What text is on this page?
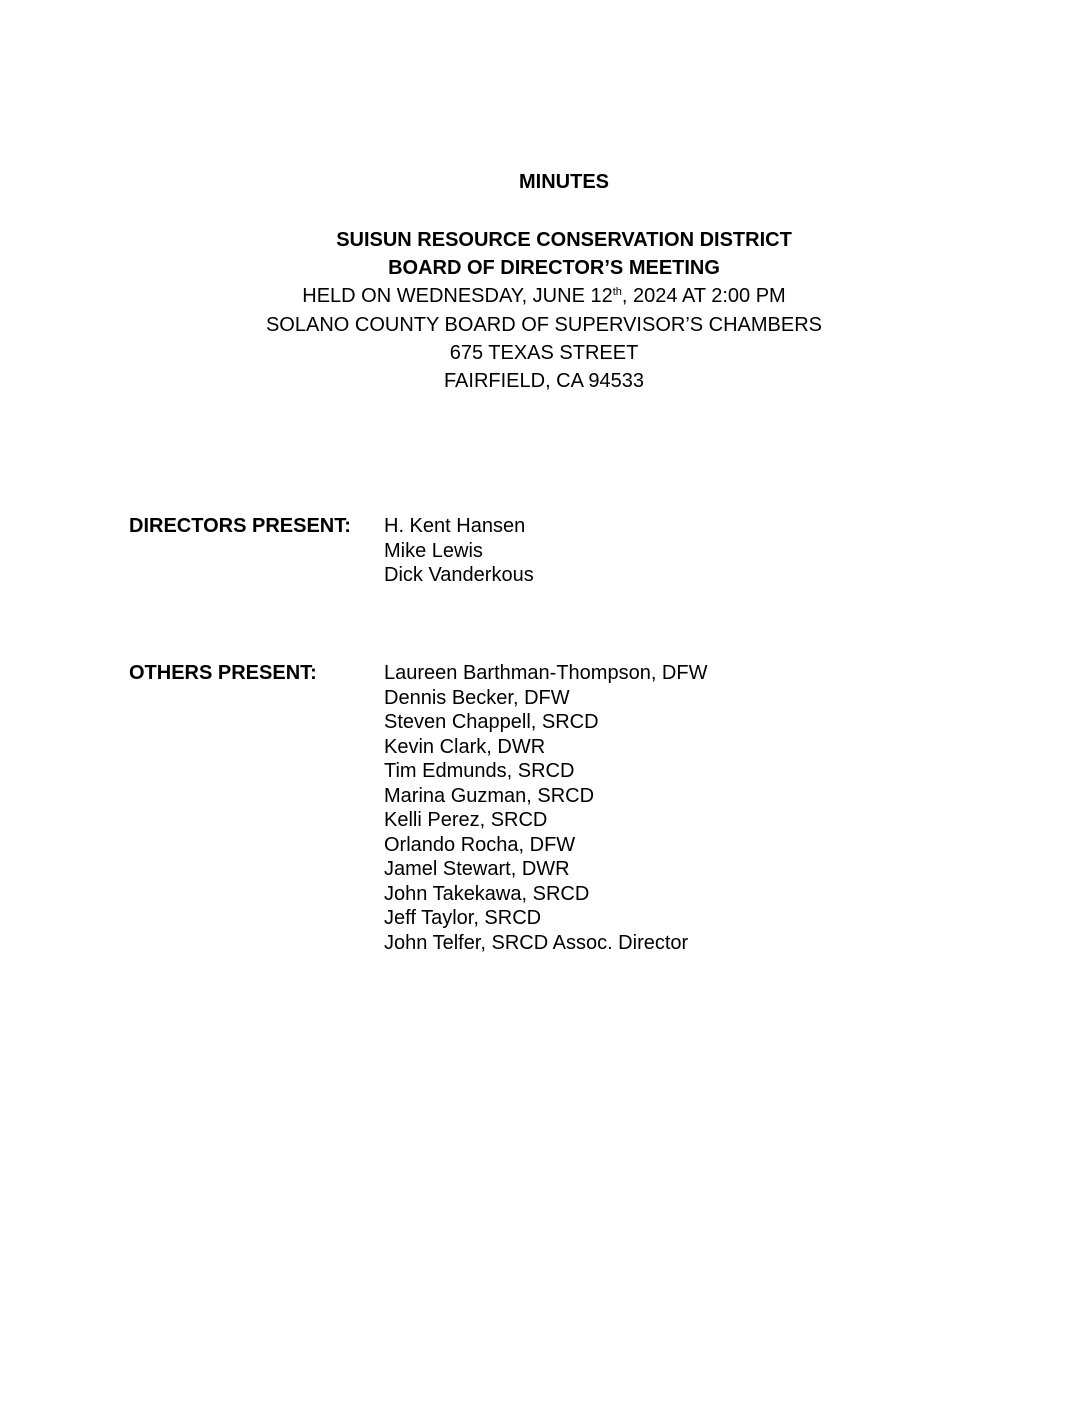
MINUTES
SUISUN RESOURCE CONSERVATION DISTRICT
BOARD OF DIRECTOR’S MEETING
HELD ON WEDNESDAY, JUNE 12th, 2024 AT 2:00 PM
SOLANO COUNTY BOARD OF SUPERVISOR’S CHAMBERS
675 TEXAS STREET
FAIRFIELD, CA 94533
DIRECTORS PRESENT: H. Kent Hansen
Mike Lewis
Dick Vanderkous
OTHERS PRESENT:	Laureen Barthman-Thompson, DFW
Dennis Becker, DFW
Steven Chappell, SRCD
Kevin Clark, DWR
Tim Edmunds, SRCD
Marina Guzman, SRCD
Kelli Perez, SRCD
Orlando Rocha, DFW
Jamel Stewart, DWR
John Takekawa, SRCD
Jeff Taylor, SRCD
John Telfer, SRCD Assoc. Director
